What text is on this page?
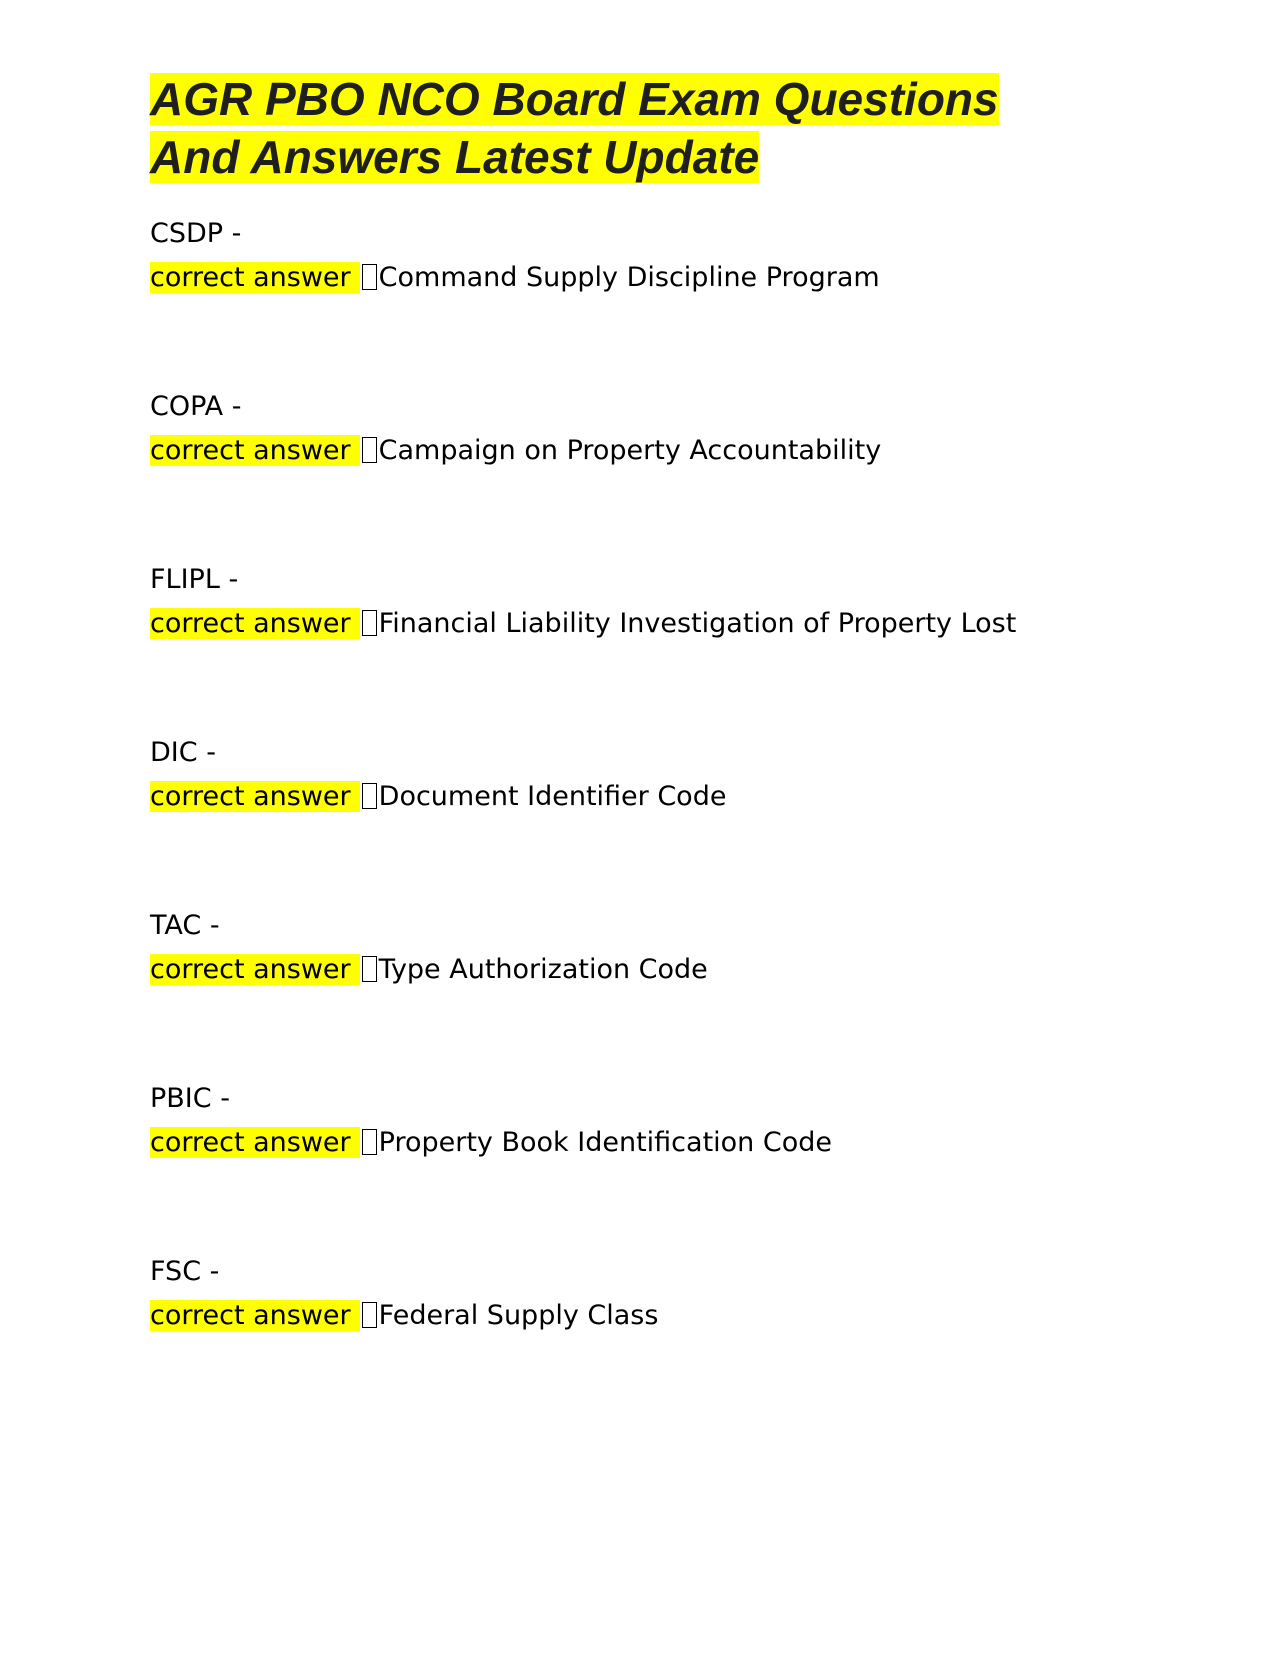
AGR PBO NCO Board Exam Questions
And Answers Latest Update
CSDP -
correct answer Command Supply Discipline Program
COPA -
correct answer Campaign on Property Accountability
FLIPL -
correct answer Financial Liability Investigation of Property Lost
DIC -
correct answer Document Identifier Code
TAC -
correct answer Type Authorization Code
PBIC -
correct answer Property Book Identification Code
FSC -
correct answer Federal Supply Class
